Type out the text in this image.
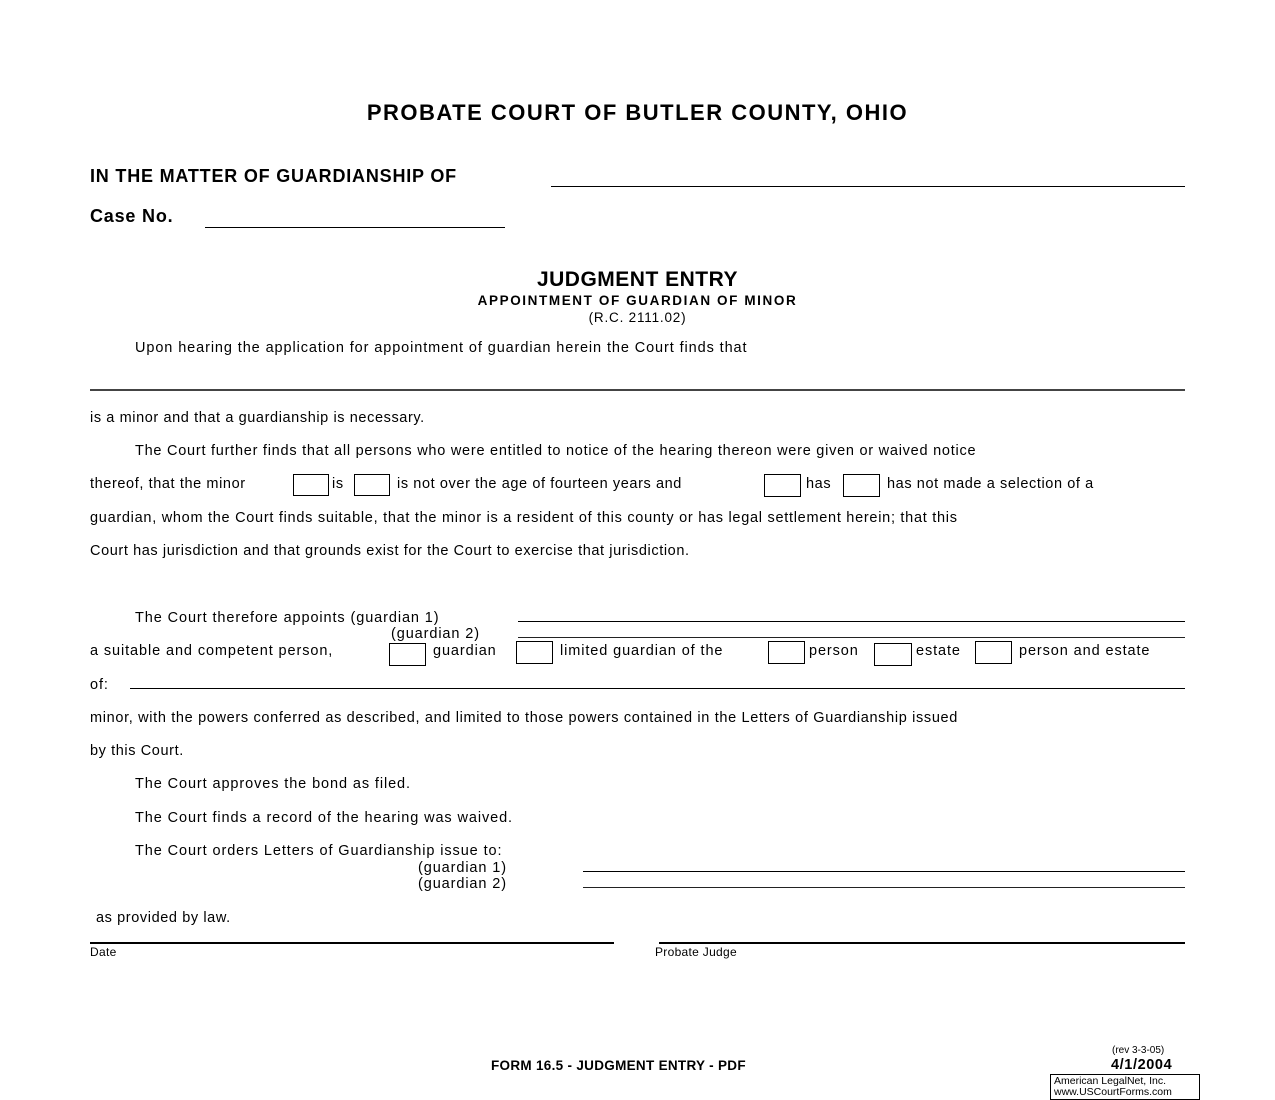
PROBATE COURT OF BUTLER COUNTY, OHIO
IN THE MATTER OF GUARDIANSHIP OF
Case No.
JUDGMENT ENTRY
APPOINTMENT OF GUARDIAN OF MINOR
(R.C. 2111.02)
Upon hearing the application for appointment of guardian herein the Court finds that
is a minor and that a guardianship is necessary.
The Court further finds that all persons who were entitled to notice of the hearing thereon were given or waived notice
thereof, that the minor	is	is not over the age of fourteen years and	has	has not made a selection of a
guardian, whom the Court finds suitable, that the minor is a resident of this county or has legal settlement herein; that this
Court has jurisdiction and that grounds exist for the Court to exercise that jurisdiction.
The Court therefore appoints (guardian 1)
(guardian 2)
a suitable and competent person,	guardian	limited guardian of the	person	estate	person and estate
of:
minor, with the powers conferred as described, and limited to those powers contained in the Letters of Guardianship issued
by this Court.
The Court approves the bond as filed.
The Court finds a record of the hearing was waived.
The Court orders Letters of Guardianship issue to:
(guardian 1)
(guardian 2)
as provided by law.
Date	Probate Judge
FORM 16.5 - JUDGMENT ENTRY - PDF
(rev 3-3-05)
4/1/2004
American LegalNet, Inc.
www.USCourtForms.com
